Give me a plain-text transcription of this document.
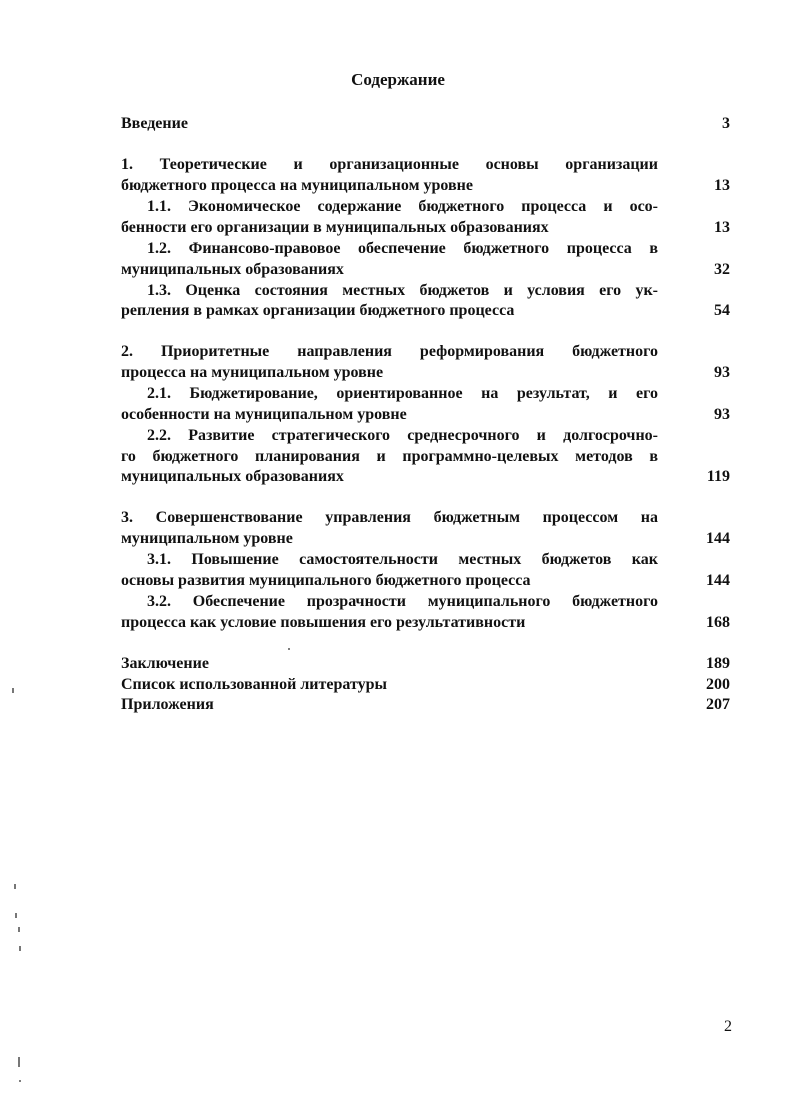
Содержание
Введение	3
1. Теоретические и организационные основы организации
бюджетного процесса на муниципальном уровне	13
1.1. Экономическое содержание бюджетного процесса и осо-
бенности его организации в муниципальных образованиях	13
1.2. Финансово-правовое обеспечение бюджетного процесса в
муниципальных образованиях	32
1.3. Оценка состояния местных бюджетов и условия его ук-
репления в рамках организации бюджетного процесса	54
2. Приоритетные направления реформирования бюджетного
процесса на муниципальном уровне	93
2.1. Бюджетирование, ориентированное на результат, и его
особенности на муниципальном уровне	93
2.2. Развитие стратегического среднесрочного и долгосрочно-
го бюджетного планирования и программно-целевых методов в
муниципальных образованиях	119
3. Совершенствование управления бюджетным процессом на
муниципальном уровне	144
3.1. Повышение самостоятельности местных бюджетов как
основы развития муниципального бюджетного процесса	144
3.2. Обеспечение прозрачности муниципального бюджетного
процесса как условие повышения его результативности	168
Заключение	189
Список использованной литературы	200
Приложения	207
2
